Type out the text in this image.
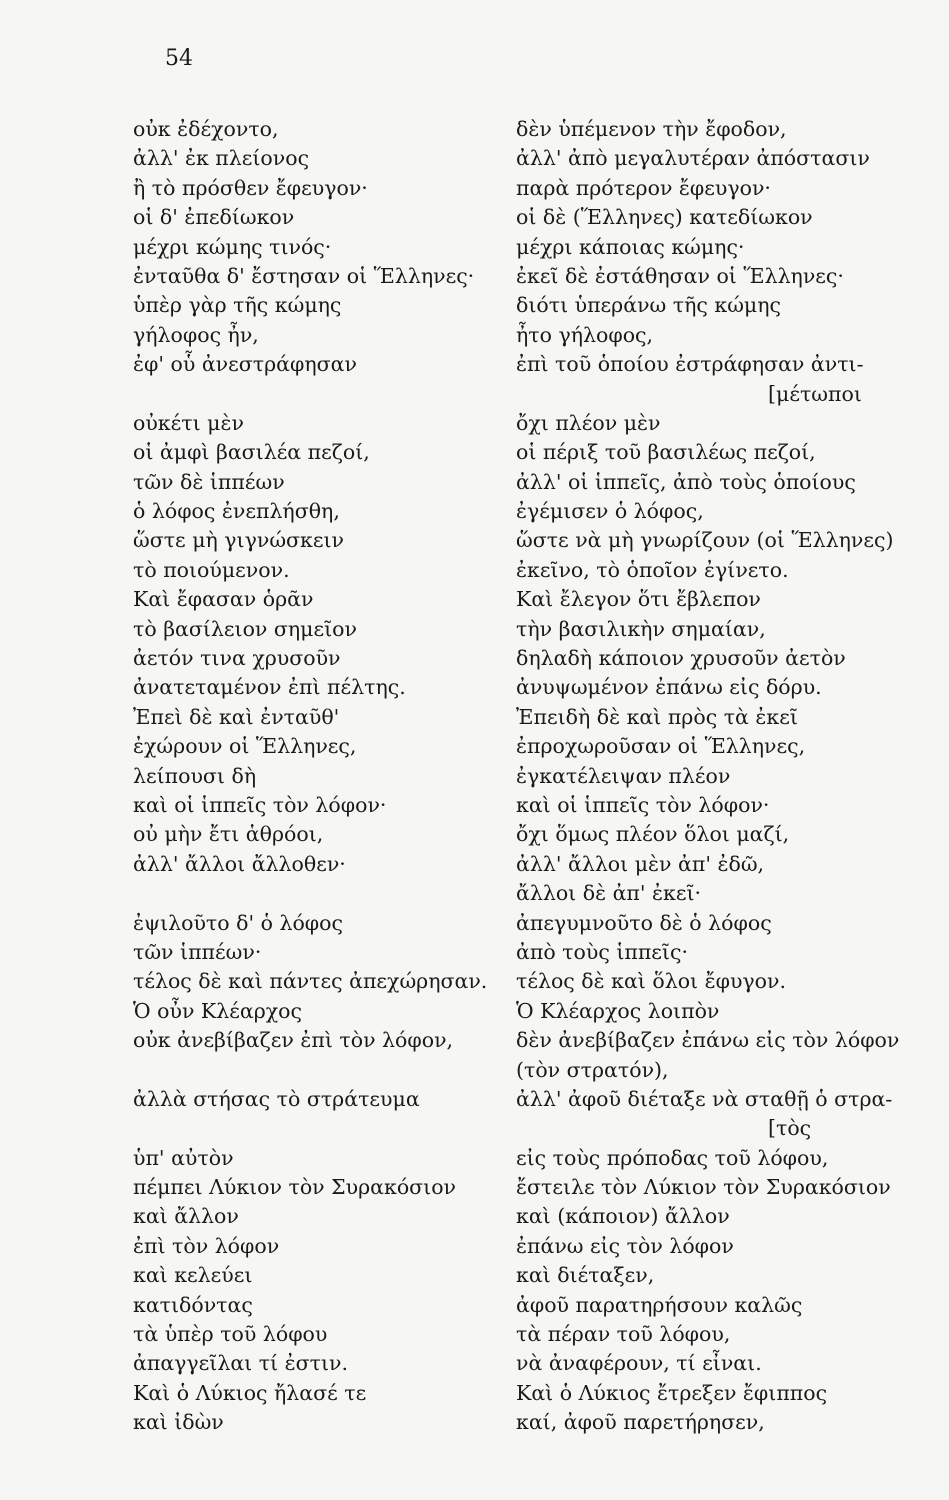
54
οὐκ ἐδέχοντο,
ἀλλ' ἐκ πλείονος
ἢ τὸ πρόσθεν ἔφευγον·
οἱ δ' ἐπεδίωκον
μέχρι κώμης τινός·
ἐνταῦθα δ' ἔστησαν οἱ Ἕλληνες·
ὑπὲρ γὰρ τῆς κώμης
γήλοφος ἦν,
ἐφ' οὗ ἀνεστράφησαν
οὐκέτι μὲν
οἱ ἀμφὶ βασιλέα πεζοί,
τῶν δὲ ἱππέων
ὁ λόφος ἐνεπλήσθη,
ὥστε μὴ γιγνώσκειν
τὸ ποιούμενον.
Καὶ ἔφασαν ὁρᾶν
τὸ βασίλειον σημεῖον
ἀετόν τινα χρυσοῦν
ἀνατεταμένον ἐπὶ πέλτης.
Ἐπεὶ δὲ καὶ ἐνταῦθ'
ἐχώρουν οἱ Ἕλληνες,
λείπουσι δὴ
καὶ οἱ ἱππεῖς τὸν λόφον·
οὐ μὴν ἔτι ἁθρόοι,
ἀλλ' ἄλλοι ἄλλοθεν·
ἐψιλοῦτο δ' ὁ λόφος
τῶν ἱππέων·
τέλος δὲ καὶ πάντες ἀπεχώρησαν.
Ὁ οὖν Κλέαρχος
οὐκ ἀνεβίβαζεν ἐπὶ τὸν λόφον,
ἀλλὰ στήσας τὸ στράτευμα
ὑπ' αὐτὸν
πέμπει Λύκιον τὸν Συρακόσιον
καὶ ἄλλον
ἐπὶ τὸν λόφον
καὶ κελεύει
κατιδόντας
τὰ ὑπὲρ τοῦ λόφου
ἀπαγγεῖλαι τί ἐστιν.
Καὶ ὁ Λύκιος ἤλασέ τε
καὶ ἰδὼν
δὲν ὑπέμενον τὴν ἔφοδον,
ἀλλ' ἀπὸ μεγαλυτέραν ἀπόστασιν
παρὰ πρότερον ἔφευγον·
οἱ δὲ (Ἕλληνες) κατεδίωκον
μέχρι κάποιας κώμης·
ἐκεῖ δὲ ἐστάθησαν οἱ Ἕλληνες·
διότι ὑπεράνω τῆς κώμης
ἦτο γήλοφος,
ἐπὶ τοῦ ὁποίου ἐστράφησαν ἀντι-
[μέτωποι
ὄχι πλέον μὲν
οἱ πέριξ τοῦ βασιλέως πεζοί,
ἀλλ' οἱ ἱππεῖς, ἀπὸ τοὺς ὁποίους
ἐγέμισεν ὁ λόφος,
ὥστε νὰ μὴ γνωρίζουν (οἱ Ἕλληνες)
ἐκεῖνο, τὸ ὁποῖον ἐγίνετο.
Καὶ ἔλεγον ὅτι ἔβλεπον
τὴν βασιλικὴν σημαίαν,
δηλαδὴ κάποιον χρυσοῦν ἀετὸν
ἀνυψωμένον ἐπάνω εἰς δόρυ.
Ἐπειδὴ δὲ καὶ πρὸς τὰ ἐκεῖ
ἐπροχωροῦσαν οἱ Ἕλληνες,
ἐγκατέλειψαν πλέον
καὶ οἱ ἱππεῖς τὸν λόφον·
ὄχι ὅμως πλέον ὅλοι μαζί,
ἀλλ' ἄλλοι μὲν ἀπ' ἐδῶ,
ἄλλοι δὲ ἀπ' ἐκεῖ·
ἀπεγυμνοῦτο δὲ ὁ λόφος
ἀπὸ τοὺς ἱππεῖς·
τέλος δὲ καὶ ὅλοι ἔφυγον.
Ὁ Κλέαρχος λοιπὸν
δὲν ἀνεβίβαζεν ἐπάνω εἰς τὸν λόφον
(τὸν στρατόν),
ἀλλ' ἀφοῦ διέταξε νὰ σταθῇ ὁ στρα-
[τὸς
εἰς τοὺς πρόποδας τοῦ λόφου,
ἔστειλε τὸν Λύκιον τὸν Συρακόσιον
καὶ (κάποιον) ἄλλον
ἐπάνω εἰς τὸν λόφον
καὶ διέταξεν,
ἀφοῦ παρατηρήσουν καλῶς
τὰ πέραν τοῦ λόφου,
νὰ ἀναφέρουν, τί εἶναι.
Καὶ ὁ Λύκιος ἔτρεξεν ἔφιππος
καί, ἀφοῦ παρετήρησεν,
